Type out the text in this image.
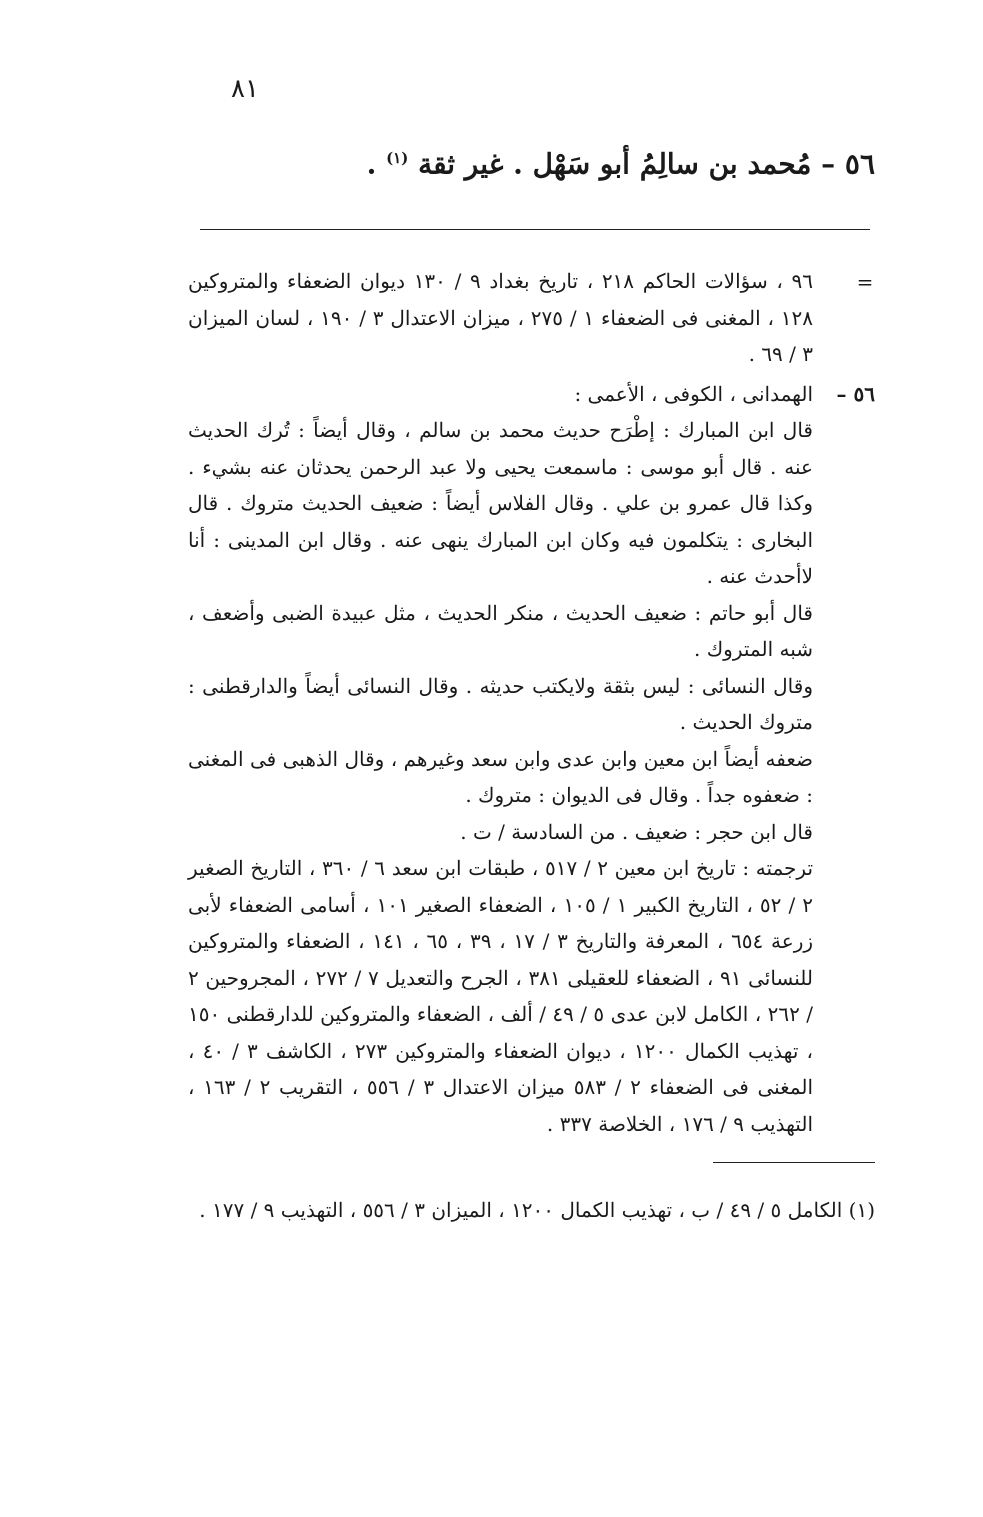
٨١
٥٦ – مُحمد بن سالِمُ أبو سَهْل . غير ثقة $^{(١)}$ .
=
٩٦ ، سؤالات الحاكم ٢١٨ ، تاريخ بغداد ٩ / ١٣٠ ديوان الضعفاء والمتروكين ١٢٨ ، المغنى فى الضعفاء ١ / ٢٧٥ ، ميزان الاعتدال ٣ / ١٩٠ ، لسان الميزان ٣ / ٦٩ .
٥٦ –
الهمدانى ، الكوفى ، الأعمى :

قال ابن المبارك : إطْرَح حديث محمد بن سالم ، وقال أيضاً : تُرك الحديث عنه . قال أبو موسى : ماسمعت يحيى ولا عبد الرحمن يحدثان عنه بشيء . وكذا قال عمرو بن علي . وقال الفلاس أيضاً : ضعيف الحديث متروك . قال البخارى : يتكلمون فيه وكان ابن المبارك ينهى عنه . وقال ابن المدينى : أنا لاأحدث عنه .

قال أبو حاتم : ضعيف الحديث ، منكر الحديث ، مثل عبيدة الضبى وأضعف ، شبه المتروك .

وقال النسائى : ليس بثقة ولايكتب حديثه . وقال النسائى أيضاً والدارقطنى : متروك الحديث .

ضعفه أيضاً ابن معين وابن عدى وابن سعد وغيرهم ، وقال الذهبى فى المغنى : ضعفوه جداً . وقال فى الديوان : متروك .

قال ابن حجر : ضعيف . من السادسة / ت .

ترجمته : تاريخ ابن معين ٢ / ٥١٧ ، طبقات ابن سعد ٦ / ٣٦٠ ، التاريخ الصغير ٢ / ٥٢ ، التاريخ الكبير ١ / ١٠٥ ، الضعفاء الصغير ١٠١ ، أسامى الضعفاء لأبى زرعة ٦٥٤ ، المعرفة والتاريخ ٣ / ١٧ ، ٣٩ ، ٦٥ ، ١٤١ ، الضعفاء والمتروكين للنسائى ٩١ ، الضعفاء للعقيلى ٣٨١ ، الجرح والتعديل ٧ / ٢٧٢ ، المجروحين ٢ / ٢٦٢ ، الكامل لابن عدى ٥ / ٤٩ / ألف ، الضعفاء والمتروكين للدارقطنى ١٥٠ ، تهذيب الكمال ١٢٠٠ ، ديوان الضعفاء والمتروكين ٢٧٣ ، الكاشف ٣ / ٤٠ ، المغنى فى الضعفاء ٢ / ٥٨٣ ميزان الاعتدال ٣ / ٥٥٦ ، التقريب ٢ / ١٦٣ ، التهذيب ٩ / ١٧٦ ، الخلاصة ٣٣٧ .

(١) الكامل ٥ / ٤٩ / ب ، تهذيب الكمال ١٢٠٠ ، الميزان ٣ / ٥٥٦ ، التهذيب ٩ / ١٧٧ .
